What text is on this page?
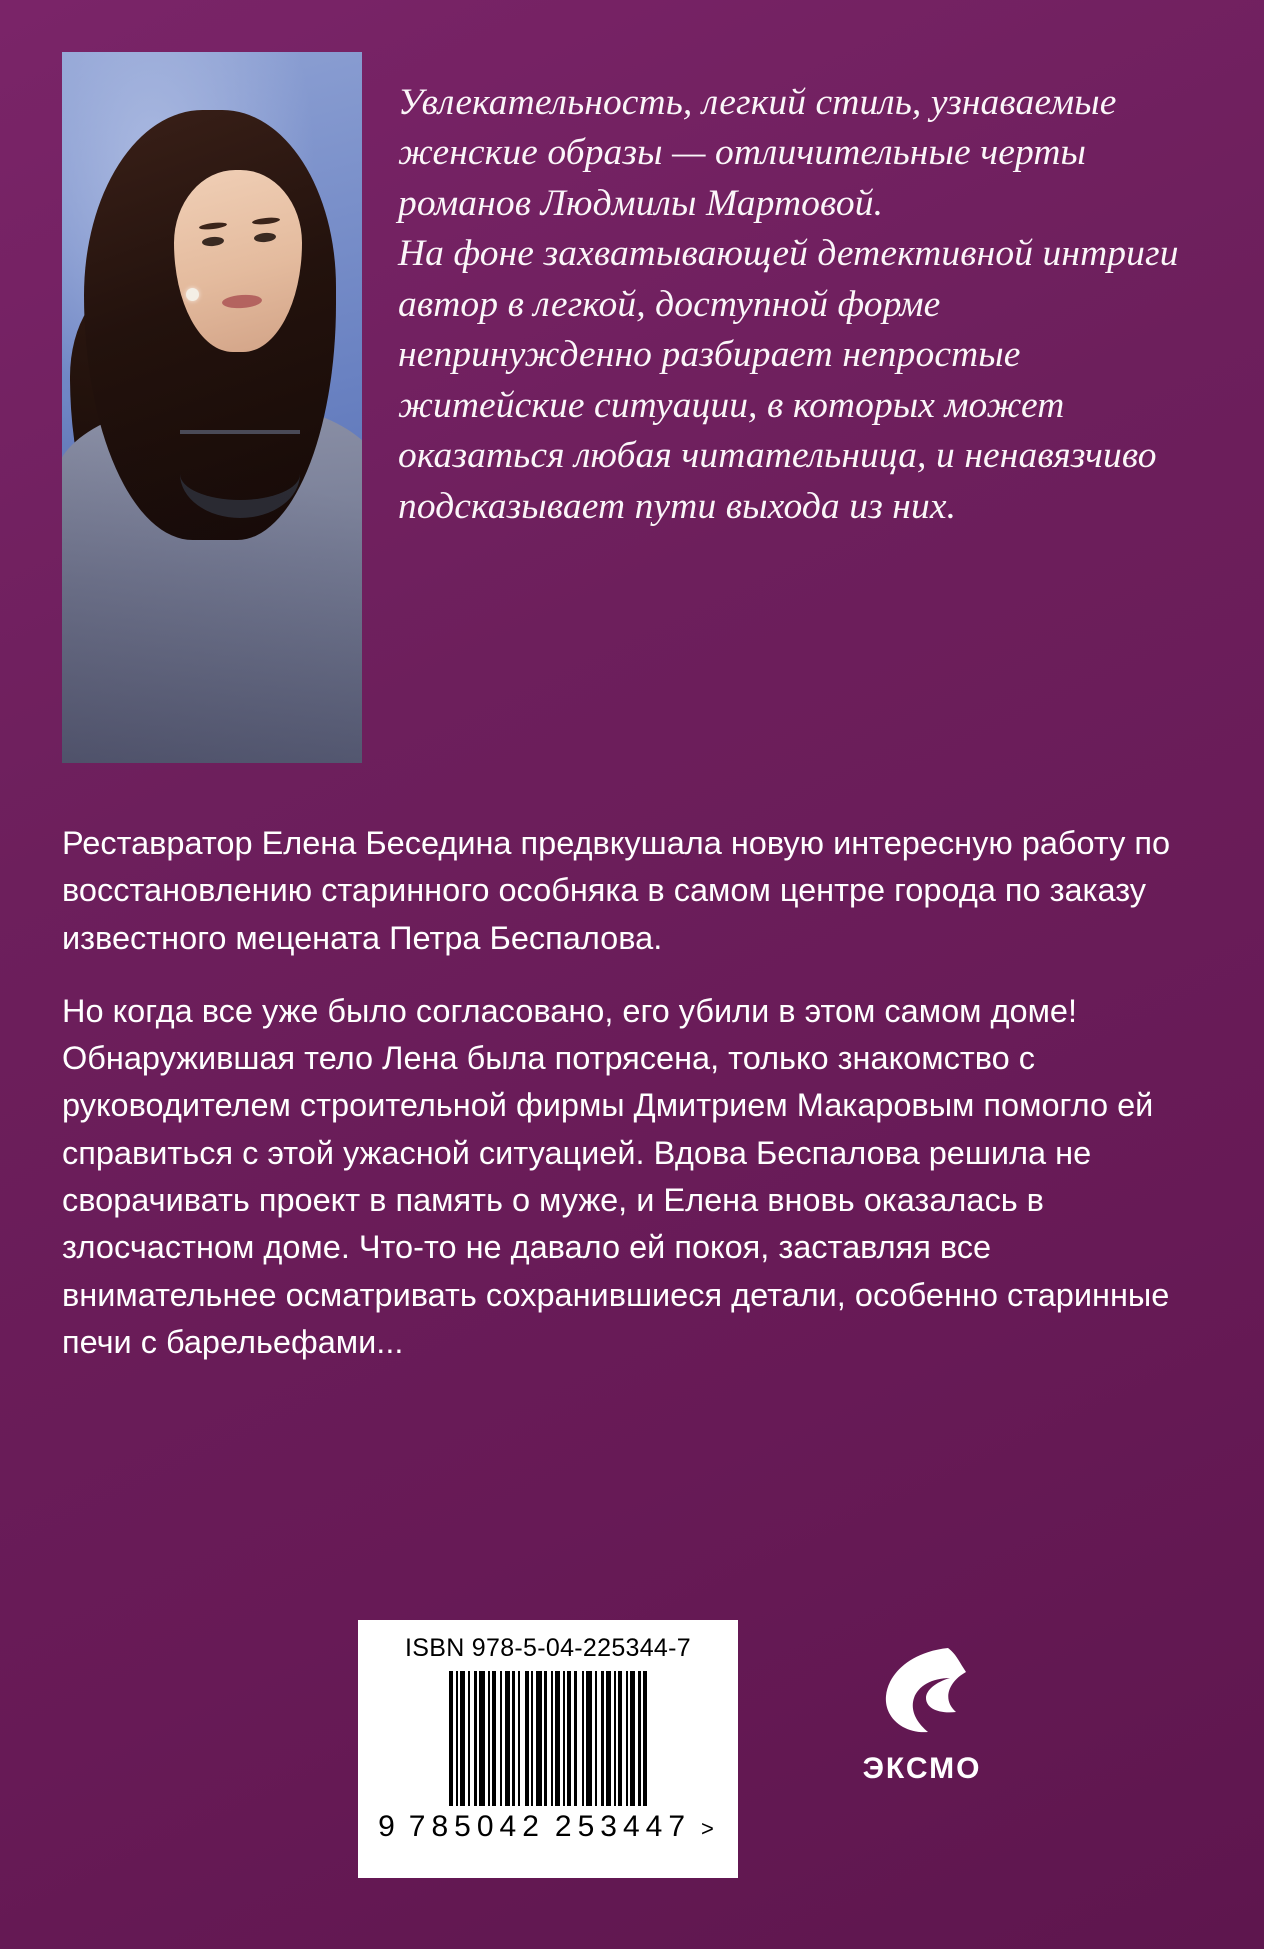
Увлекательность, легкий стиль, узнаваемые женские образы — отличительные черты романов Людмилы Мартовой.

На фоне захватывающей детективной интриги автор в легкой, доступной форме непринужденно разбирает непростые житейские ситуации, в которых может оказаться любая читательница, и ненавязчиво подсказывает пути выхода из них.

Реставратор Елена Беседина предвкушала новую интересную работу по восстановлению старинного особняка в самом центре города по заказу известного мецената Петра Беспалова.

Но когда все уже было согласовано, его убили в этом самом доме! Обнаружившая тело Лена была потрясена, только знакомство с руководителем строительной фирмы Дмитрием Макаровым помогло ей справиться с этой ужасной ситуацией. Вдова Беспалова решила не сворачивать проект в память о муже, и Елена вновь оказалась в злосчастном доме. Что-то не давало ей покоя, заставляя все внимательнее осматривать сохранившиеся детали, особенно старинные печи с барельефами...

ISBN 978-5-04-225344-7
9 785042 253447 >
ЭКСМО
